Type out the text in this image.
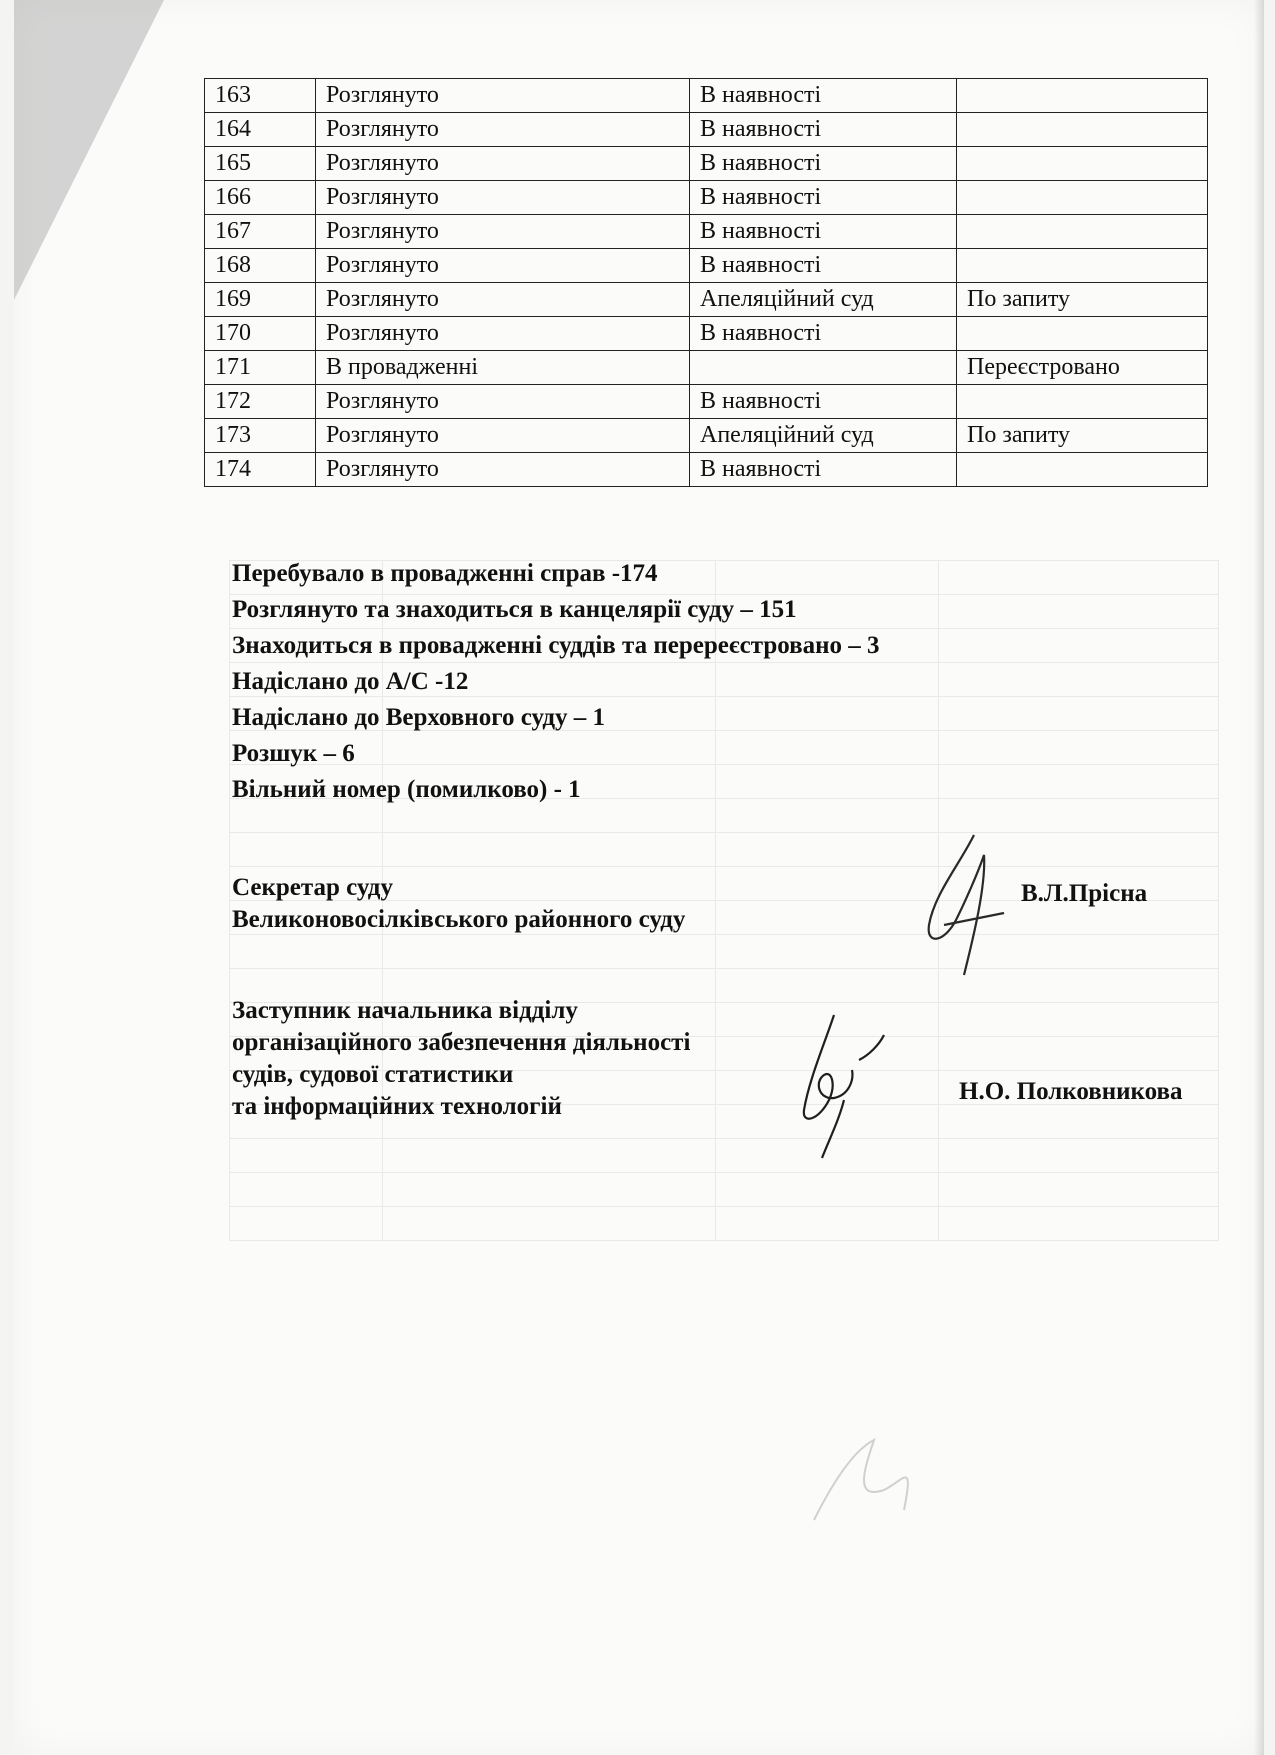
163	Розглянуто	В наявності	
164	Розглянуто	В наявності	
165	Розглянуто	В наявності	
166	Розглянуто	В наявності	
167	Розглянуто	В наявності	
168	Розглянуто	В наявності	
169	Розглянуто	Апеляційний суд	По запиту
170	Розглянуто	В наявності	
171	В провадженні		Переєстровано
172	Розглянуто	В наявності	
173	Розглянуто	Апеляційний суд	По запиту
174	Розглянуто	В наявності	
Перебувало в провадженні справ -174
Розглянуто та знаходиться в канцелярії суду – 151
Знаходиться в провадженні суддів та перереєстровано – 3
Надіслано до А/С -12
Надіслано до Верховного суду – 1
Розшук – 6
Вільний номер (помилково) - 1
Секретар суду
Великоновосілківського районного суду
В.Л.Прісна
Заступник начальника відділу
організаційного забезпечення діяльності
судів, судової статистики
та інформаційних технологій
Н.О. Полковникова
